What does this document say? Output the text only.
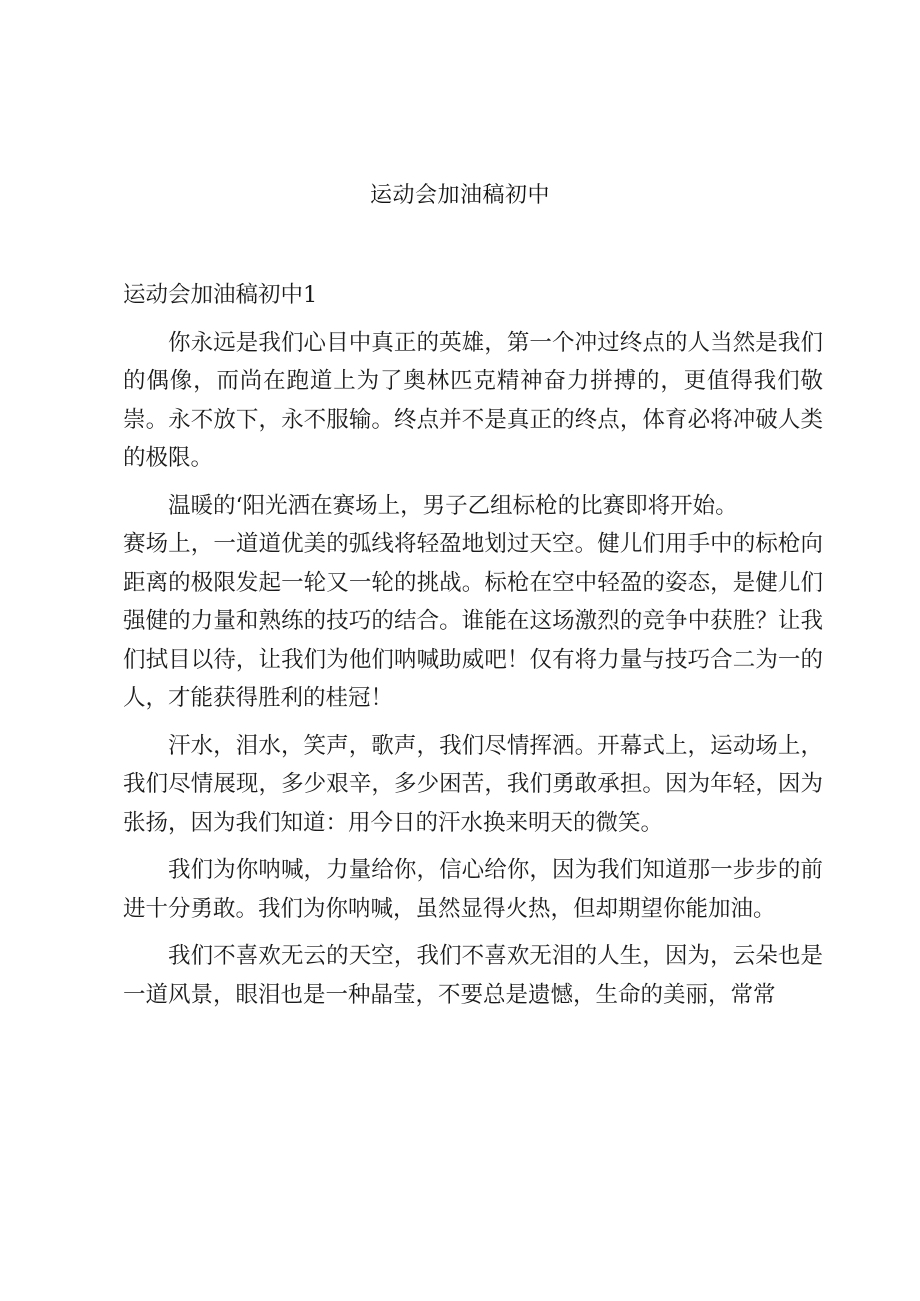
运动会加油稿初中

运动会加油稿初中1

你永远是我们心目中真正的英雄，第一个冲过终点的人当然是我们的偶像，而尚在跑道上为了奥林匹克精神奋力拼搏的，更值得我们敬崇。永不放下，永不服输。终点并不是真正的终点，体育必将冲破人类的极限。

温暖的‘阳光洒在赛场上，男子乙组标枪的比赛即将开始。

赛场上，一道道优美的弧线将轻盈地划过天空。健儿们用手中的标枪向距离的极限发起一轮又一轮的挑战。标枪在空中轻盈的姿态，是健儿们强健的力量和熟练的技巧的结合。谁能在这场激烈的竞争中获胜？让我们拭目以待，让我们为他们呐喊助威吧！仅有将力量与技巧合二为一的人，才能获得胜利的桂冠！

汗水，泪水，笑声，歌声，我们尽情挥洒。开幕式上，运动场上，我们尽情展现，多少艰辛，多少困苦，我们勇敢承担。因为年轻，因为张扬，因为我们知道：用今日的汗水换来明天的微笑。

我们为你呐喊，力量给你，信心给你，因为我们知道那一步步的前进十分勇敢。我们为你呐喊，虽然显得火热，但却期望你能加油。

我们不喜欢无云的天空，我们不喜欢无泪的人生，因为，云朵也是一道风景，眼泪也是一种晶莹，不要总是遗憾，生命的美丽，常常
